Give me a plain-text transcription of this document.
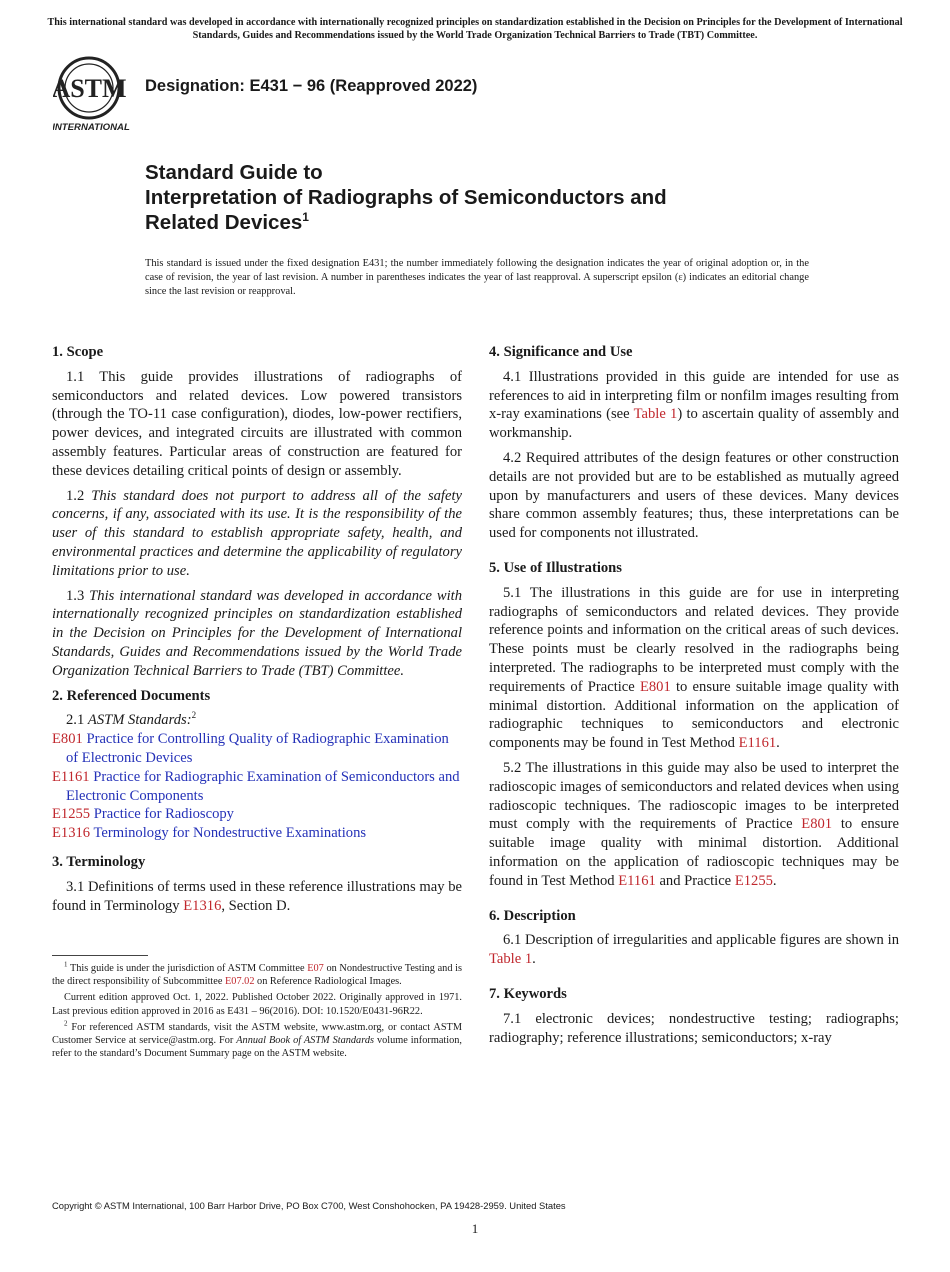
This international standard was developed in accordance with internationally recognized principles on standardization established in the Decision on Principles for the Development of International Standards, Guides and Recommendations issued by the World Trade Organization Technical Barriers to Trade (TBT) Committee.
ASTM
INTERNATIONAL
Designation: E431 − 96 (Reapproved 2022)
Standard Guide to
Interpretation of Radiographs of Semiconductors and
Related Devices$^1$
This standard is issued under the fixed designation E431; the number immediately following the designation indicates the year of original adoption or, in the case of revision, the year of last revision. A number in parentheses indicates the year of last reapproval. A superscript epsilon (ε) indicates an editorial change since the last revision or reapproval.
1. Scope

1.1 This guide provides illustrations of radiographs of semiconductors and related devices. Low powered transistors (through the TO-11 case configuration), diodes, low-power rectifiers, power devices, and integrated circuits are illustrated with common assembly features. Particular areas of construction are featured for these devices detailing critical points of design or assembly.

1.2 This standard does not purport to address all of the safety concerns, if any, associated with its use. It is the responsibility of the user of this standard to establish appropriate safety, health, and environmental practices and determine the applicability of regulatory limitations prior to use.

1.3 This international standard was developed in accordance with internationally recognized principles on standardization established in the Decision on Principles for the Development of International Standards, Guides and Recommendations issued by the World Trade Organization Technical Barriers to Trade (TBT) Committee.

2. Referenced Documents

2.1 ASTM Standards:$^2$

E801 Practice for Controlling Quality of Radiographic Examination of Electronic Devices

E1161 Practice for Radiographic Examination of Semiconductors and Electronic Components

E1255 Practice for Radioscopy

E1316 Terminology for Nondestructive Examinations

3. Terminology

3.1 Definitions of terms used in these reference illustrations may be found in Terminology E1316, Section D.

$^1$ This guide is under the jurisdiction of ASTM Committee E07 on Nondestructive Testing and is the direct responsibility of Subcommittee E07.02 on Reference Radiological Images.

Current edition approved Oct. 1, 2022. Published October 2022. Originally approved in 1971. Last previous edition approved in 2016 as E431 – 96(2016). DOI: 10.1520/E0431-96R22.

$^2$ For referenced ASTM standards, visit the ASTM website, www.astm.org, or contact ASTM Customer Service at service@astm.org. For Annual Book of ASTM Standards volume information, refer to the standard’s Document Summary page on the ASTM website.

4. Significance and Use

4.1 Illustrations provided in this guide are intended for use as references to aid in interpreting film or nonfilm images resulting from x-ray examinations (see Table 1) to ascertain quality of assembly and workmanship.

4.2 Required attributes of the design features or other construction details are not provided but are to be established as mutually agreed upon by manufacturers and users of these devices. Many devices share common assembly features; thus, these interpretations can be used for components not illustrated.

5. Use of Illustrations

5.1 The illustrations in this guide are for use in interpreting radiographs of semiconductors and related devices. They provide reference points and information on the critical areas of such devices. These points must be clearly resolved in the radiographs being interpreted. The radiographs to be interpreted must comply with the requirements of Practice E801 to ensure suitable image quality with minimal distortion. Additional information on the application of radiographic techniques to semiconductors and electronic components may be found in Test Method E1161.

5.2 The illustrations in this guide may also be used to interpret the radioscopic images of semiconductors and related devices when using radioscopic techniques. The radioscopic images to be interpreted must comply with the requirements of Practice E801 to ensure suitable image quality with minimal distortion. Additional information on the application of radioscopic techniques may be found in Test Method E1161 and Practice E1255.

6. Description

6.1 Description of irregularities and applicable figures are shown in Table 1.

7. Keywords

7.1 electronic devices; nondestructive testing; radiographs; radiography; reference illustrations; semiconductors; x-ray

Copyright © ASTM International, 100 Barr Harbor Drive, PO Box C700, West Conshohocken, PA 19428-2959. United States
1
